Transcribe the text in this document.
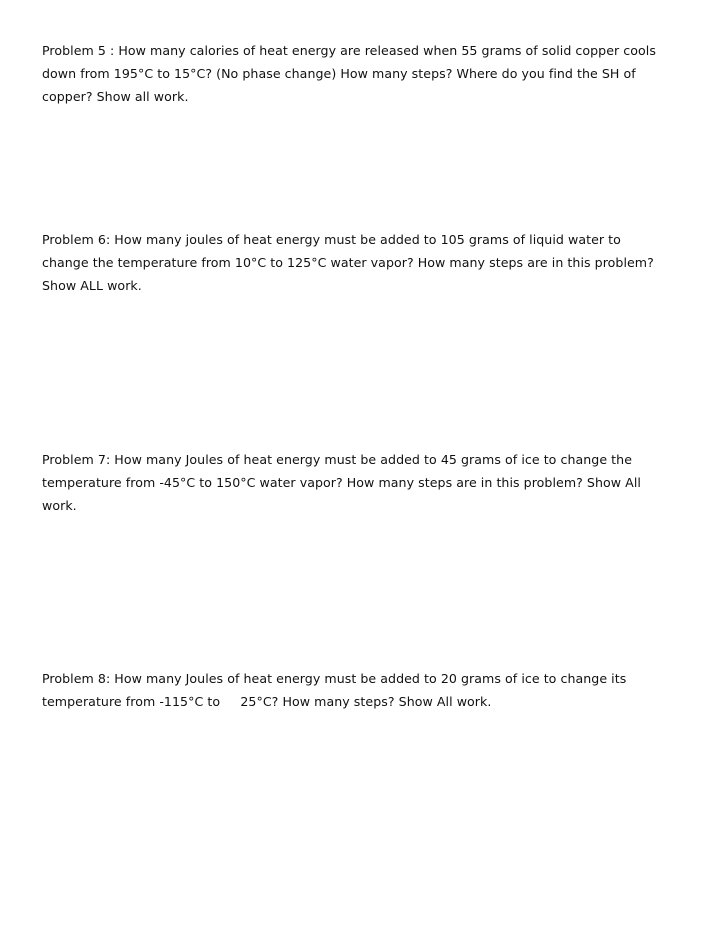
Problem 5 : How many calories of heat energy are released when 55 grams of solid copper cools
down from 195°C to 15°C? (No phase change) How many steps? Where do you find the SH of
copper? Show all work.
Problem 6: How many joules of heat energy must be added to 105 grams of liquid water to
change the temperature from 10°C to 125°C water vapor? How many steps are in this problem?
Show ALL work.
Problem 7: How many Joules of heat energy must be added to 45 grams of ice to change the
temperature from -45°C to 150°C water vapor? How many steps are in this problem? Show All
work.
Problem 8: How many Joules of heat energy must be added to 20 grams of ice to change its
temperature from -115°C to     25°C? How many steps? Show All work.
